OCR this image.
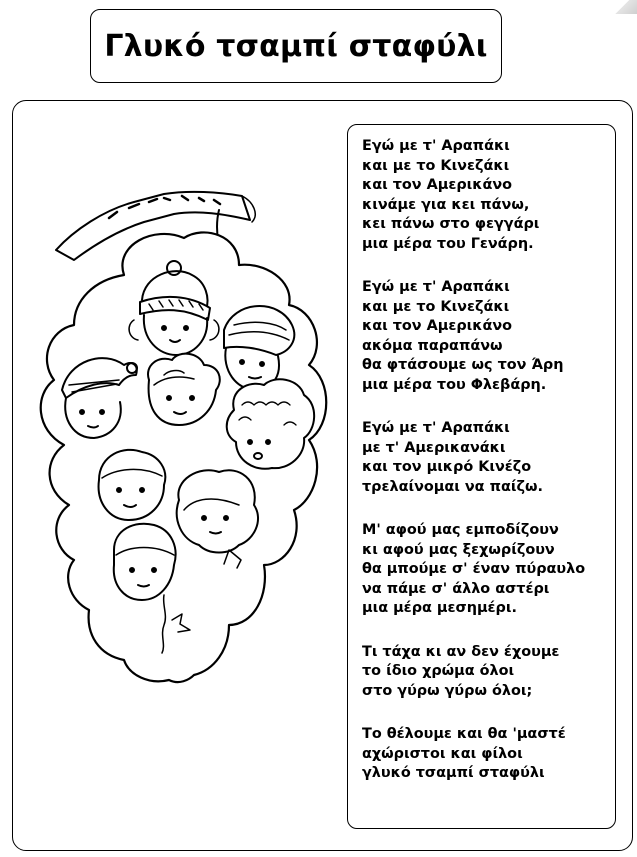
Γλυκό τσαμπί σταφύλι
Εγώ με τ' Αραπάκι
και με το Κινεζάκι
και τον Αμερικάνο
κινάμε για κει πάνω,
κει πάνω στο φεγγάρι
μια μέρα του Γενάρη.
Εγώ με τ' Αραπάκι
και με το Κινεζάκι
και τον Αμερικάνο
ακόμα παραπάνω
θα φτάσουμε ως τον Άρη
μια μέρα του Φλεβάρη.
Εγώ με τ' Αραπάκι
με τ' Αμερικανάκι
και τον μικρό Κινέζο
τρελαίνομαι να παίζω.
Μ' αφού μας εμποδίζουν
κι αφού μας ξεχωρίζουν
θα μπούμε σ' έναν πύραυλο
να πάμε σ' άλλο αστέρι
μια μέρα μεσημέρι.
Τι τάχα κι αν δεν έχουμε
το ίδιο χρώμα όλοι
στο γύρω γύρω όλοι;
Το θέλουμε και θα 'μαστέ
αχώριστοι και φίλοι
γλυκό τσαμπί σταφύλι
